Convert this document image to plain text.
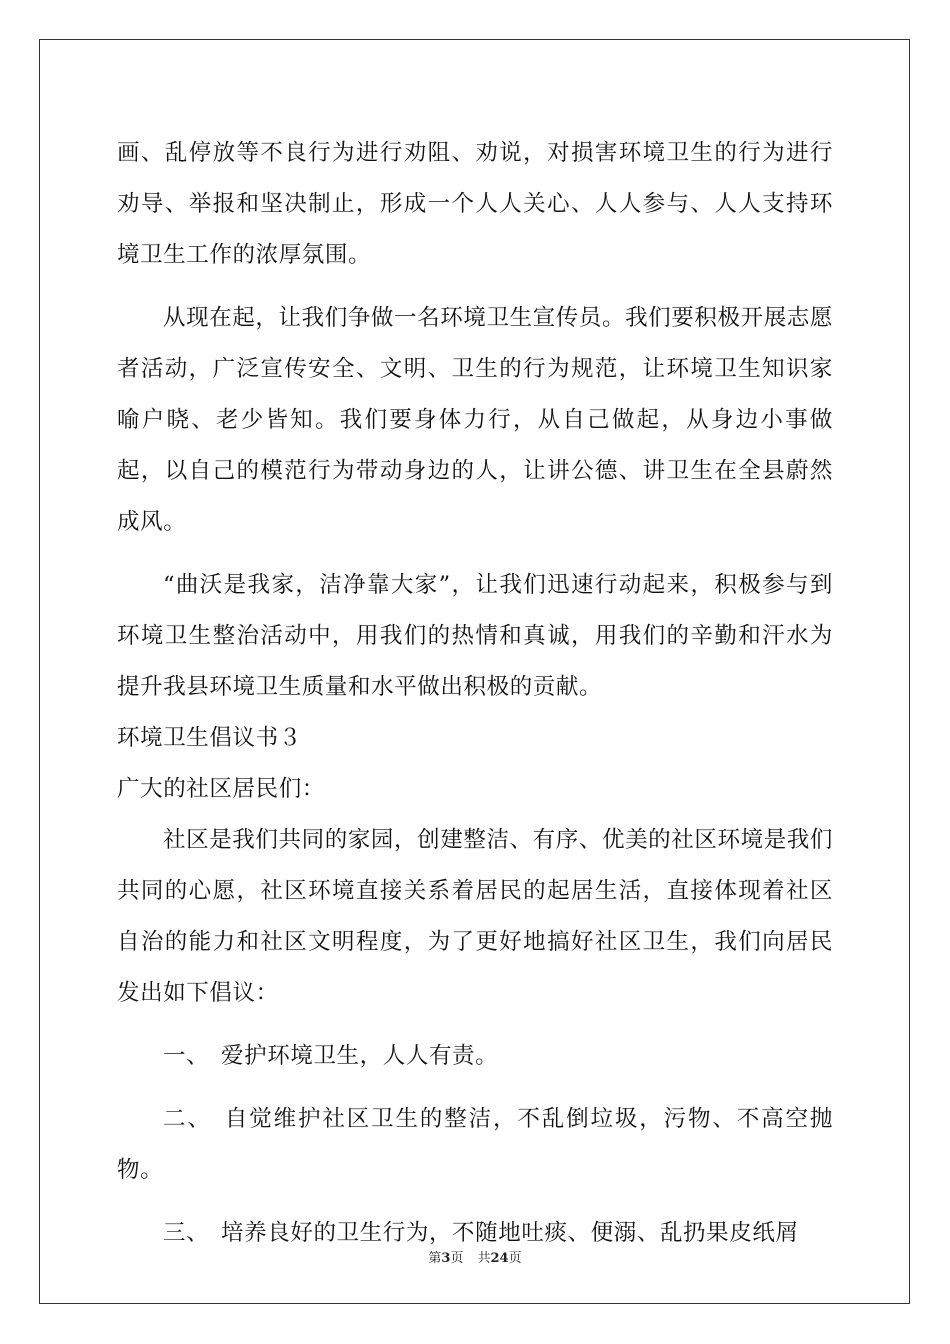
画、乱停放等不良行为进行劝阻、劝说，对损害环境卫生的行为进行劝导、举报和坚决制止，形成一个人人关心、人人参与、人人支持环境卫生工作的浓厚氛围。

从现在起，让我们争做一名环境卫生宣传员。我们要积极开展志愿者活动，广泛宣传安全、文明、卫生的行为规范，让环境卫生知识家喻户晓、老少皆知。我们要身体力行，从自己做起，从身边小事做起，以自己的模范行为带动身边的人，让讲公德、讲卫生在全县蔚然成风。

“曲沃是我家，洁净靠大家”，让我们迅速行动起来，积极参与到环境卫生整治活动中，用我们的热情和真诚，用我们的辛勤和汗水为提升我县环境卫生质量和水平做出积极的贡献。

环境卫生倡议书３

广大的社区居民们：

社区是我们共同的家园，创建整洁、有序、优美的社区环境是我们共同的心愿，社区环境直接关系着居民的起居生活，直接体现着社区自治的能力和社区文明程度，为了更好地搞好社区卫生，我们向居民发出如下倡议：

一、　爱护环境卫生，人人有责。

二、　自觉维护社区卫生的整洁，不乱倒垃圾，污物、不高空抛物。

三、　培养良好的卫生行为，不随地吐痰、便溺、乱扔果皮纸屑

第3页 共24页
